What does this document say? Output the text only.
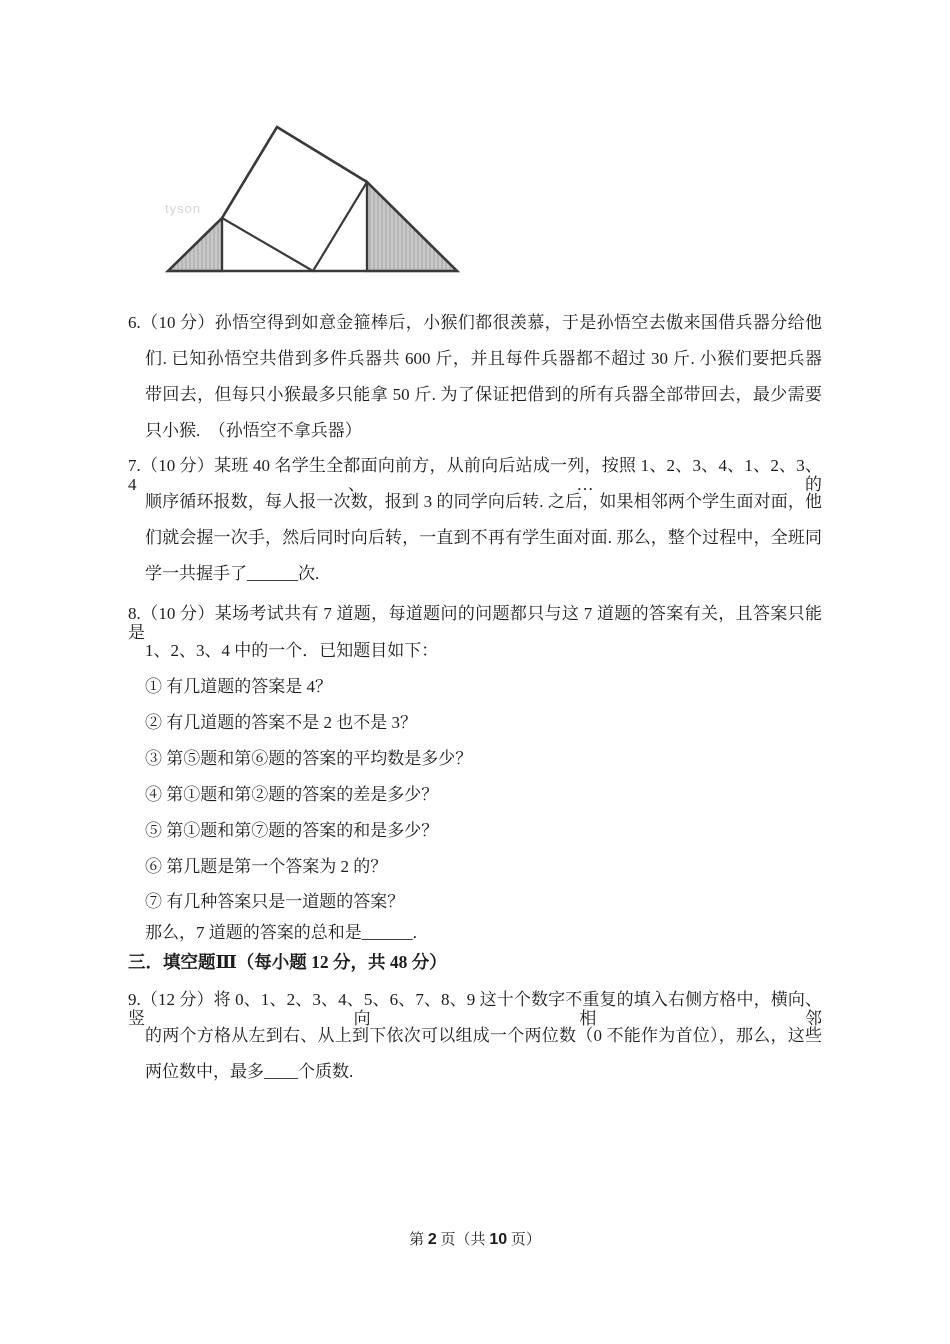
tyson
6.（10 分）孙悟空得到如意金箍棒后，小猴们都很羡慕，于是孙悟空去傲来国借兵器分给他
们. 已知孙悟空共借到多件兵器共 600 斤，并且每件兵器都不超过 30 斤. 小猴们要把兵器
带回去，但每只小猴最多只能拿 50 斤. 为了保证把借到的所有兵器全部带回去，最少需要
只小猴.　（孙悟空不拿兵器）
7.（10 分）某班 40 名学生全都面向前方，从前向后站成一列，按照 1、2、3、4、1、2、3、4、…的
顺序循环报数，每人报一次数，报到 3 的同学向后转. 之后，如果相邻两个学生面对面，他
们就会握一次手，然后同时向后转，一直到不再有学生面对面. 那么，整个过程中，全班同
学一共握手了______次.
8.（10 分）某场考试共有 7 道题，每道题问的问题都只与这 7 道题的答案有关，且答案只能是
1、2、3、4 中的一个．已知题目如下：
① 有几道题的答案是 4？
② 有几道题的答案不是 2 也不是 3？
③ 第⑤题和第⑥题的答案的平均数是多少？
④ 第①题和第②题的答案的差是多少？
⑤ 第①题和第⑦题的答案的和是多少？
⑥ 第几题是第一个答案为 2 的？
⑦ 有几种答案只是一道题的答案？
那么，7 道题的答案的总和是______.
三．填空题Ⅲ（每小题 12 分，共 48 分）
9.（12 分）将 0、1、2、3、4、5、6、7、8、9 这十个数字不重复的填入右侧方格中，横向、竖向相邻
的两个方格从左到右、从上到下依次可以组成一个两位数（0 不能作为首位），那么，这些
两位数中，最多____个质数.
第 2 页（共 10 页）
